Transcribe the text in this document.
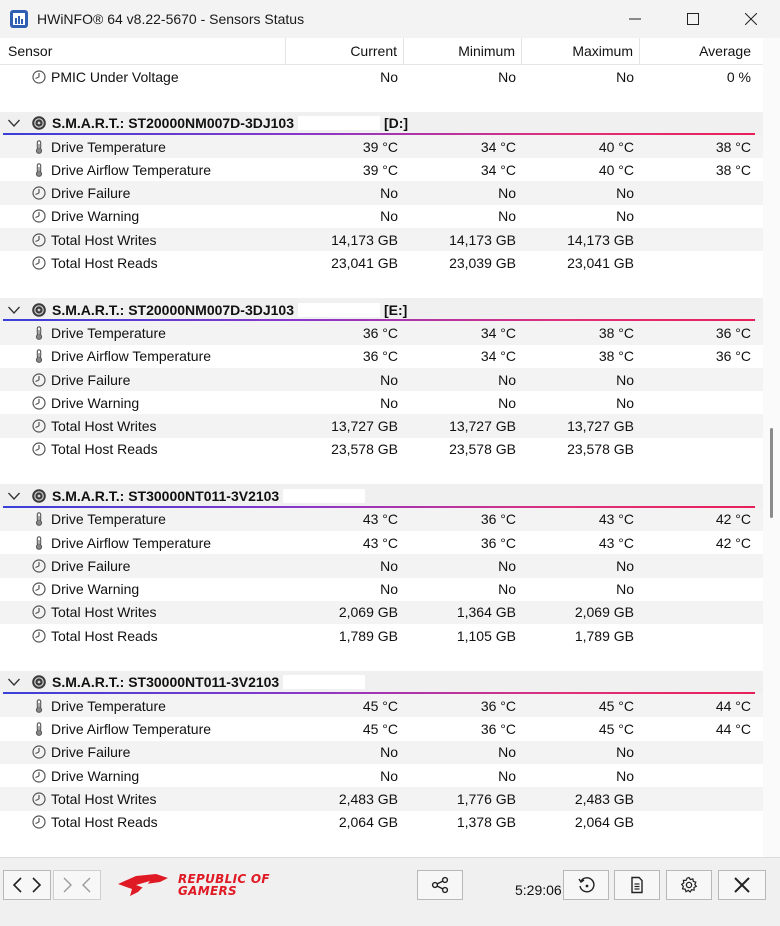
HWiNFO® 64 v8.22-5670 - Sensors Status
Sensor	Current	Minimum	Maximum	Average
PMIC Under Voltage	No	No	No	0 %
S.M.A.R.T.: ST20000NM007D-3DJ103	[D:]
Drive Temperature	39 °C	34 °C	40 °C	38 °C
Drive Airflow Temperature	39 °C	34 °C	40 °C	38 °C
Drive Failure	No	No	No
Drive Warning	No	No	No
Total Host Writes	14,173 GB	14,173 GB	14,173 GB
Total Host Reads	23,041 GB	23,039 GB	23,041 GB
S.M.A.R.T.: ST20000NM007D-3DJ103	[E:]
Drive Temperature	36 °C	34 °C	38 °C	36 °C
Drive Airflow Temperature	36 °C	34 °C	38 °C	36 °C
Drive Failure	No	No	No
Drive Warning	No	No	No
Total Host Writes	13,727 GB	13,727 GB	13,727 GB
Total Host Reads	23,578 GB	23,578 GB	23,578 GB
S.M.A.R.T.: ST30000NT011-3V2103
Drive Temperature	43 °C	36 °C	43 °C	42 °C
Drive Airflow Temperature	43 °C	36 °C	43 °C	42 °C
Drive Failure	No	No	No
Drive Warning	No	No	No
Total Host Writes	2,069 GB	1,364 GB	2,069 GB
Total Host Reads	1,789 GB	1,105 GB	1,789 GB
S.M.A.R.T.: ST30000NT011-3V2103
Drive Temperature	45 °C	36 °C	45 °C	44 °C
Drive Airflow Temperature	45 °C	36 °C	45 °C	44 °C
Drive Failure	No	No	No
Drive Warning	No	No	No
Total Host Writes	2,483 GB	1,776 GB	2,483 GB
Total Host Reads	2,064 GB	1,378 GB	2,064 GB
REPUBLIC OF
GAMERS	5:29:06
